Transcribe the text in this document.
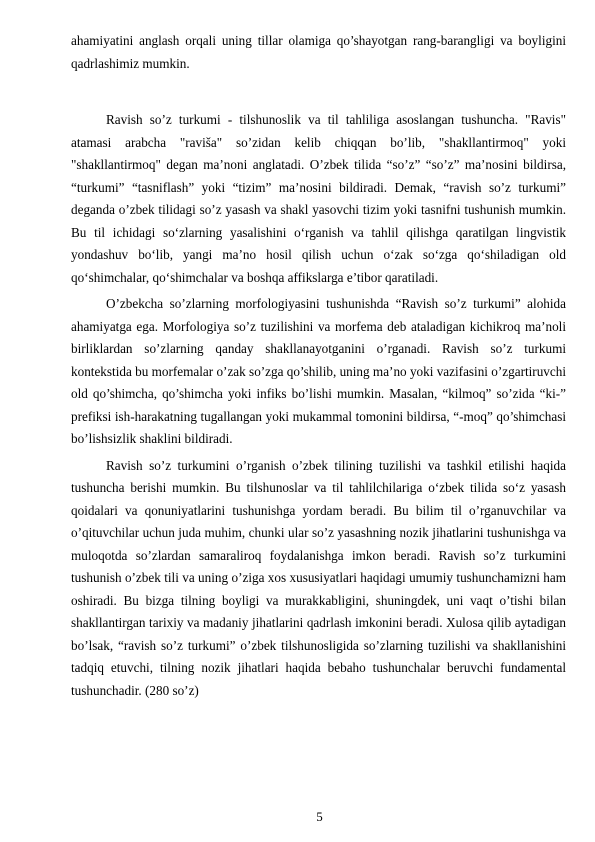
ahamiyatini anglash orqali uning tillar olamiga qo’shayotgan rang-barangligi va boyligini qadrlashimiz mumkin.

Ravish so’z turkumi - tilshunoslik va til tahliliga asoslangan tushuncha. "Ravis" atamasi arabcha "raviša" so’zidan kelib chiqqan bo’lib, "shakllantirmoq" yoki "shakllantirmoq" degan ma’noni anglatadi. O’zbek tilida “so’z” “so’z” ma’nosini bildirsa, “turkumi” “tasniflash” yoki “tizim” ma’nosini bildiradi. Demak, “ravish so’z turkumi” deganda o’zbek tilidagi so’z yasash va shakl yasovchi tizim yoki tasnifni tushunish mumkin. Bu til ichidagi so‘zlarning yasalishini o‘rganish va tahlil qilishga qaratilgan lingvistik yondashuv bo‘lib, yangi ma’no hosil qilish uchun o‘zak so‘zga qo‘shiladigan old qo‘shimchalar, qo‘shimchalar va boshqa affikslarga e’tibor qaratiladi.

O’zbekcha so’zlarning morfologiyasini tushunishda “Ravish so’z turkumi” alohida ahamiyatga ega. Morfologiya so’z tuzilishini va morfema deb ataladigan kichikroq ma’noli birliklardan so’zlarning qanday shakllanayotganini o’rganadi. Ravish so’z turkumi kontekstida bu morfemalar o’zak so’zga qo’shilib, uning ma’no yoki vazifasini o’zgartiruvchi old qo’shimcha, qo’shimcha yoki infiks bo’lishi mumkin. Masalan, “kilmoq” so’zida “ki-” prefiksi ish-harakatning tugallangan yoki mukammal tomonini bildirsa, “-moq” qo’shimchasi bo’lishsizlik shaklini bildiradi.

Ravish so’z turkumini o’rganish o’zbek tilining tuzilishi va tashkil etilishi haqida tushuncha berishi mumkin. Bu tilshunoslar va til tahlilchilariga o‘zbek tilida so‘z yasash qoidalari va qonuniyatlarini tushunishga yordam beradi. Bu bilim til o’rganuvchilar va o’qituvchilar uchun juda muhim, chunki ular so’z yasashning nozik jihatlarini tushunishga va muloqotda so’zlardan samaraliroq foydalanishga imkon beradi. Ravish so’z turkumini tushunish o’zbek tili va uning o’ziga xos xususiyatlari haqidagi umumiy tushunchamizni ham oshiradi. Bu bizga tilning boyligi va murakkabligini, shuningdek, uni vaqt o’tishi bilan shakllantirgan tarixiy va madaniy jihatlarini qadrlash imkonini beradi. Xulosa qilib aytadigan bo’lsak, “ravish so’z turkumi” o’zbek tilshunosligida so’zlarning tuzilishi va shakllanishini tadqiq etuvchi, tilning nozik jihatlari haqida bebaho tushunchalar beruvchi fundamental tushunchadir. (280 so’z)

5
